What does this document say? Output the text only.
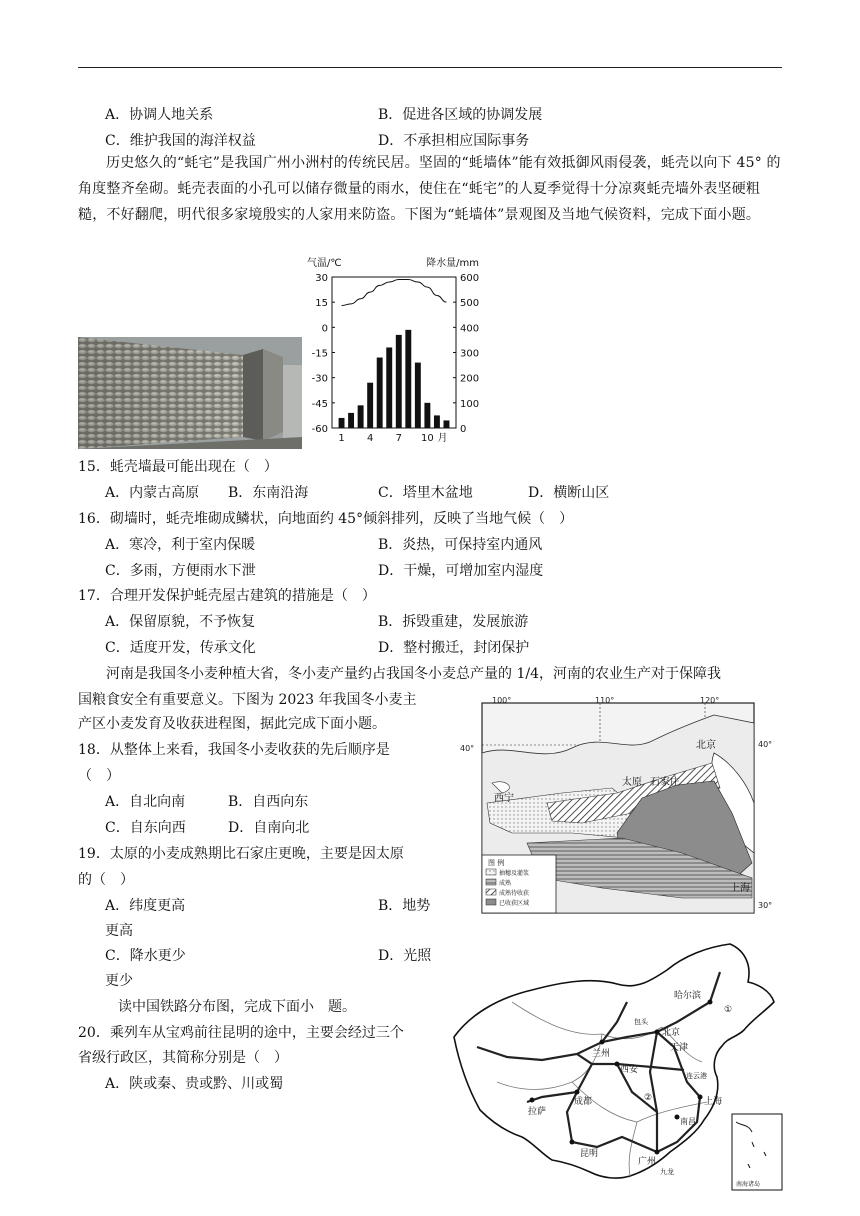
A．协调人地关系	B．促进各区域的协调发展
C．维护我国的海洋权益	D．不承担相应国际事务
历史悠久的“蚝宅”是我国广州小洲村的传统民居。坚固的“蚝墙体”能有效抵御风雨侵袭，蚝壳以向下 45° 的角度整齐垒砌。蚝壳表面的小孔可以储存微量的雨水，使住在“蚝宅”的人夏季觉得十分凉爽蚝壳墙外表坚硬粗糙，不好翻爬，明代很多家境殷实的人家用来防盗。下图为“蚝墙体”景观图及当地气候资料，完成下面小题。
气温/℃	降水量/mm
30
15
0
-15
-30
-45
-60
600
500
400
300
200
100
0
1 4 7 10 月
15．蚝壳墙最可能出现在（　）
A．内蒙古高原 B．东南沿海	C．塔里木盆地	D．横断山区
16．砌墙时，蚝壳堆砌成鳞状，向地面约 45°倾斜排列，反映了当地气候（　）
A．寒冷，利于室内保暖	B．炎热，可保持室内通风
C．多雨，方便雨水下泄	D．干燥，可增加室内湿度
17．合理开发保护蚝壳屋古建筑的措施是（　）
A．保留原貌，不予恢复	B．拆毁重建，发展旅游
C．适度开发，传承文化	D．整村搬迁，封闭保护
河南是我国冬小麦种植大省，冬小麦产量约占我国冬小麦总产量的 1/4，河南的农业生产对于保障我
国粮食安全有重要意义。下图为 2023 年我国冬小麦主
产区小麦发育及收获进程图，据此完成下面小题。
100°	110°	120°
40°	40°
30°
北京
太原 石家庄
西宁
上海
图 例
抽穗及灌浆
成熟
成熟待收获
已收获区域
18．从整体上来看，我国冬小麦收获的先后顺序是
（　）
A．自北向南	B．自西向东
C．自东向西	D．自南向北
19．太原的小麦成熟期比石家庄更晚，主要是因太原
的（　）
A．纬度更高	B．地势
更高
C．降水更少	D．光照
更少
读中国铁路分布图，完成下面小　题。
20．乘列车从宝鸡前往昆明的途中，主要会经过三个
省级行政区，其简称分别是（　）
A．陕或秦、贵或黔、川或蜀
哈尔滨
①
包头
北京
天津
兰州
西安
连云港
拉萨
成都	②	上海
南昌
昆明
广州
九龙
南海诸岛
